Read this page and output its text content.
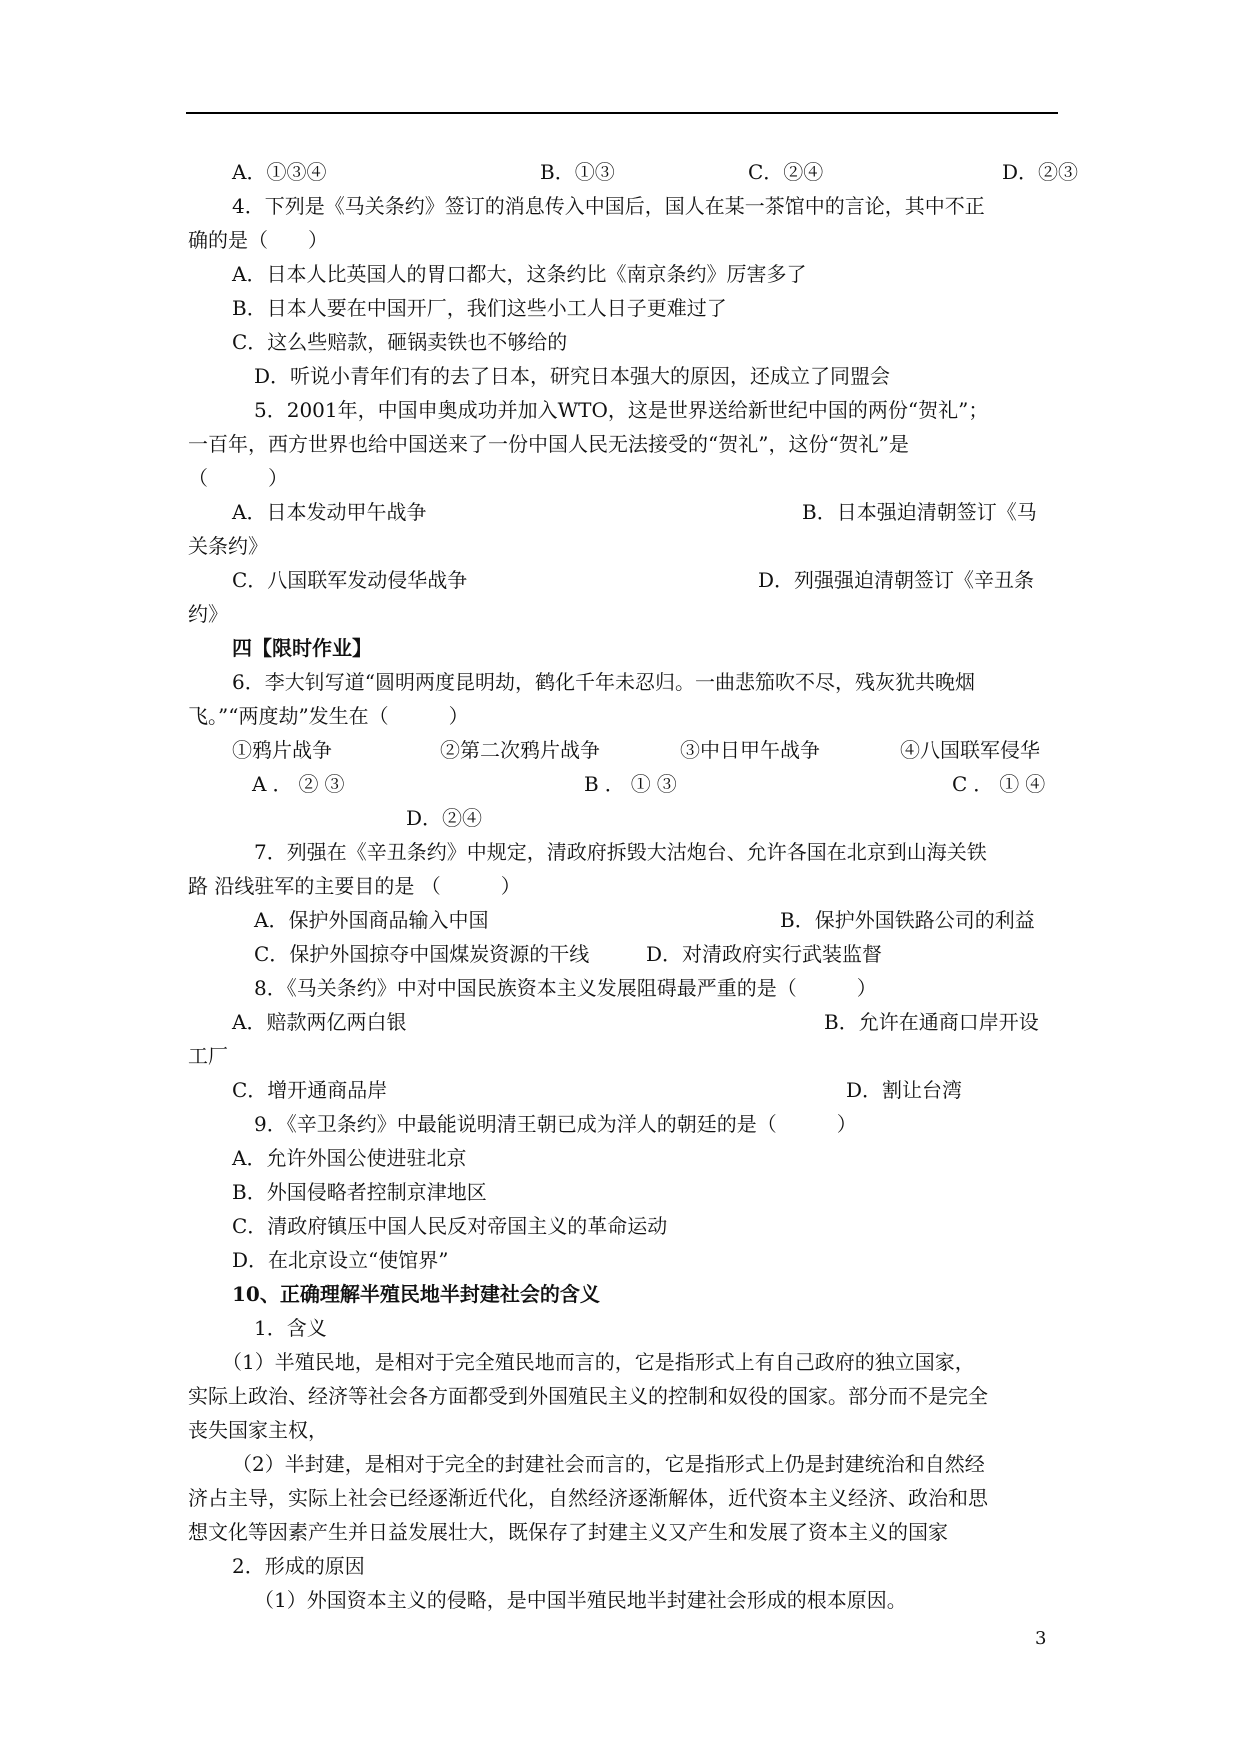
A．①③④	B．①③	C．②④	D．②③
4．下列是《马关条约》签订的消息传入中国后，国人在某一茶馆中的言论，其中不正
确的是（　　）
A．日本人比英国人的胃口都大，这条约比《南京条约》厉害多了
B．日本人要在中国开厂，我们这些小工人日子更难过了
C．这么些赔款，砸锅卖铁也不够给的
D．听说小青年们有的去了日本，研究日本强大的原因，还成立了同盟会
5．2001年，中国申奥成功并加入WTO，这是世界送给新世纪中国的两份“贺礼”；
一百年，西方世界也给中国送来了一份中国人民无法接受的“贺礼”，这份“贺礼”是
（　　　）
A．日本发动甲午战争	B．日本强迫清朝签订《马
关条约》
C．八国联军发动侵华战争	D．列强强迫清朝签订《辛丑条
约》
四【限时作业】
6．李大钊写道“圆明两度昆明劫，鹤化千年未忍归。一曲悲笳吹不尽，残灰犹共晚烟
飞。”“两度劫”发生在（　　　）
①鸦片战争	②第二次鸦片战争	③中日甲午战争	④八国联军侵华
A．②③	B．①③	C．①④
D．②④
7．列强在《辛丑条约》中规定，清政府拆毁大沽炮台、允许各国在北京到山海关铁
路 沿线驻军的主要目的是 （　　　）
A．保护外国商品输入中国	B．保护外国铁路公司的利益
C．保护外国掠夺中国煤炭资源的干线	D．对清政府实行武装监督
8．《马关条约》中对中国民族资本主义发展阻碍最严重的是（　　　）
A．赔款两亿两白银	B．允许在通商口岸开设
工厂
C．增开通商品岸	D．割让台湾
9．《辛卫条约》中最能说明清王朝已成为洋人的朝廷的是（　　　）
A．允许外国公使进驻北京
B．外国侵略者控制京津地区
C．清政府镇压中国人民反对帝国主义的革命运动
D．在北京设立“使馆界”
10、正确理解半殖民地半封建社会的含义
1．含义
（1）半殖民地，是相对于完全殖民地而言的，它是指形式上有自己政府的独立国家，
实际上政治、经济等社会各方面都受到外国殖民主义的控制和奴役的国家。部分而不是完全
丧失国家主权，
（2）半封建，是相对于完全的封建社会而言的，它是指形式上仍是封建统治和自然经
济占主导，实际上社会已经逐渐近代化，自然经济逐渐解体，近代资本主义经济、政治和思
想文化等因素产生并日益发展壮大，既保存了封建主义又产生和发展了资本主义的国家
2．形成的原因
（1）外国资本主义的侵略，是中国半殖民地半封建社会形成的根本原因。
3
